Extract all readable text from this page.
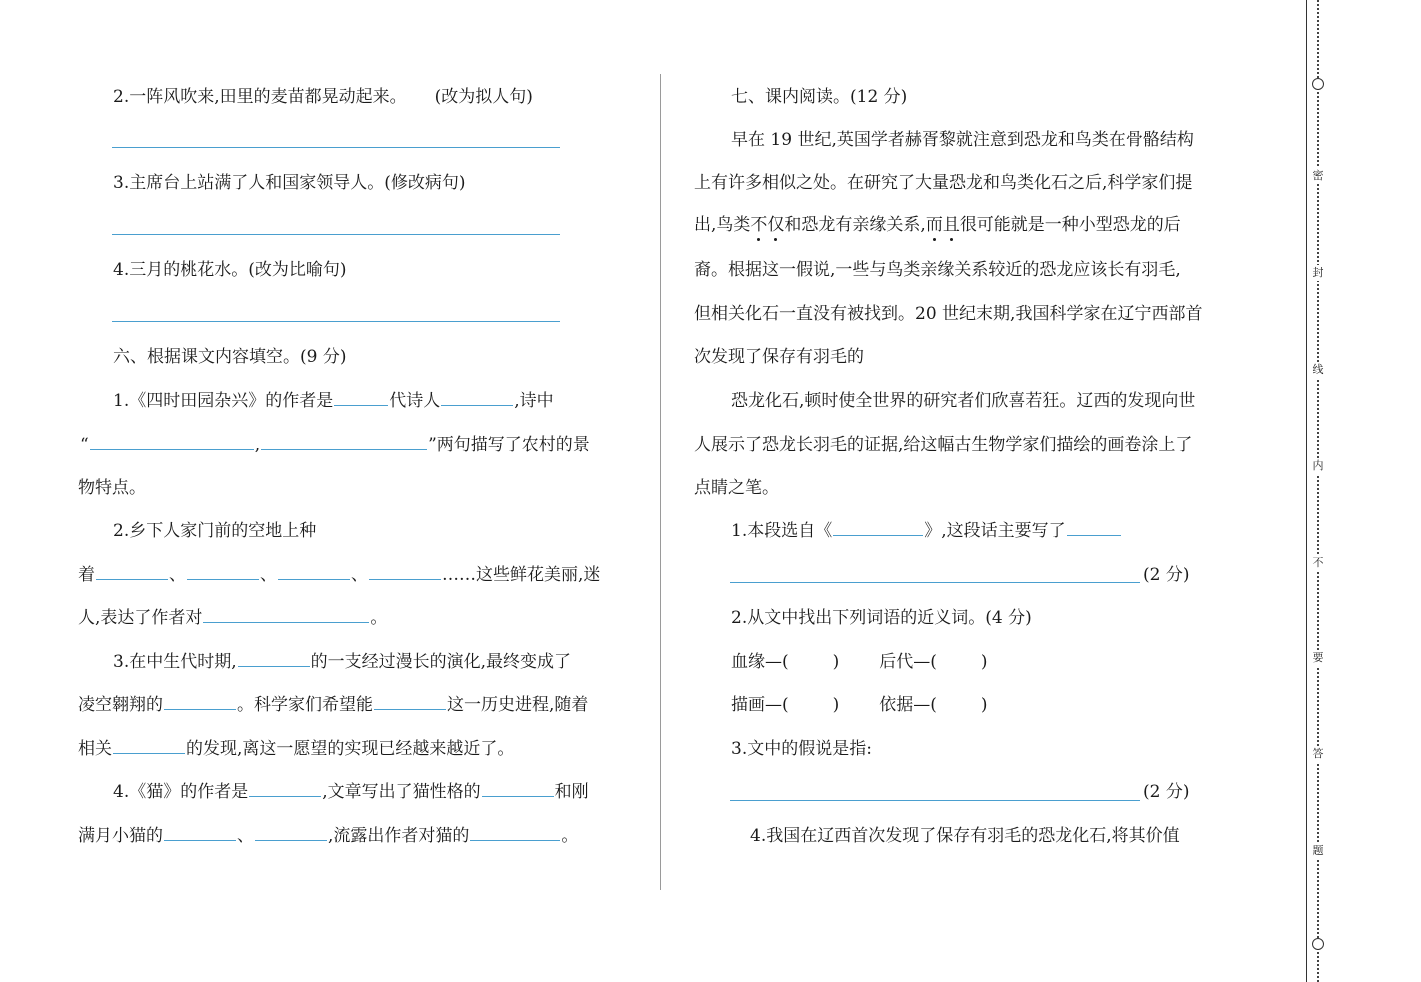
2.一阵风吹来,田里的麦苗都晃动起来。 (改为拟人句)
3.主席台上站满了人和国家领导人。(修改病句)
4.三月的桃花水。(改为比喻句)
六、根据课文内容填空。(9 分)
1.《四时田园杂兴》的作者是	代诗人	,诗中
“	,	”两句描写了农村的景
物特点。
2.乡下人家门前的空地上种
着	、	、	、	……这些鲜花美丽,迷
人,表达了作者对	。
3.在中生代时期,	的一支经过漫长的演化,最终变成了
凌空翱翔的	。科学家们希望能	这一历史进程,随着
相关	的发现,离这一愿望的实现已经越来越近了。
4.《猫》的作者是	,文章写出了猫性格的	和刚
满月小猫的	、	,流露出作者对猫的	。
七、课内阅读。(12 分)
早在 19 世纪,英国学者赫胥黎就注意到恐龙和鸟类在骨骼结构
上有许多相似之处。在研究了大量恐龙和鸟类化石之后,科学家们提
出,鸟类不仅和恐龙有亲缘关系,而且很可能就是一种小型恐龙的后
裔。根据这一假说,一些与鸟类亲缘关系较近的恐龙应该长有羽毛,
但相关化石一直没有被找到。20 世纪末期,我国科学家在辽宁西部首
次发现了保存有羽毛的
恐龙化石,顿时使全世界的研究者们欣喜若狂。辽西的发现向世
人展示了恐龙长羽毛的证据,给这幅古生物学家们描绘的画卷涂上了
点睛之笔。
1.本段选自《	》,这段话主要写了
(2 分)
2.从文中找出下列词语的近义词。(4 分)
血缘—(	) 后代—(	)
描画—(	) 依据—(	)
3.文中的假说是指:
(2 分)
4.我国在辽西首次发现了保存有羽毛的恐龙化石,将其价值
密
封
线
内
不
要
答
题
